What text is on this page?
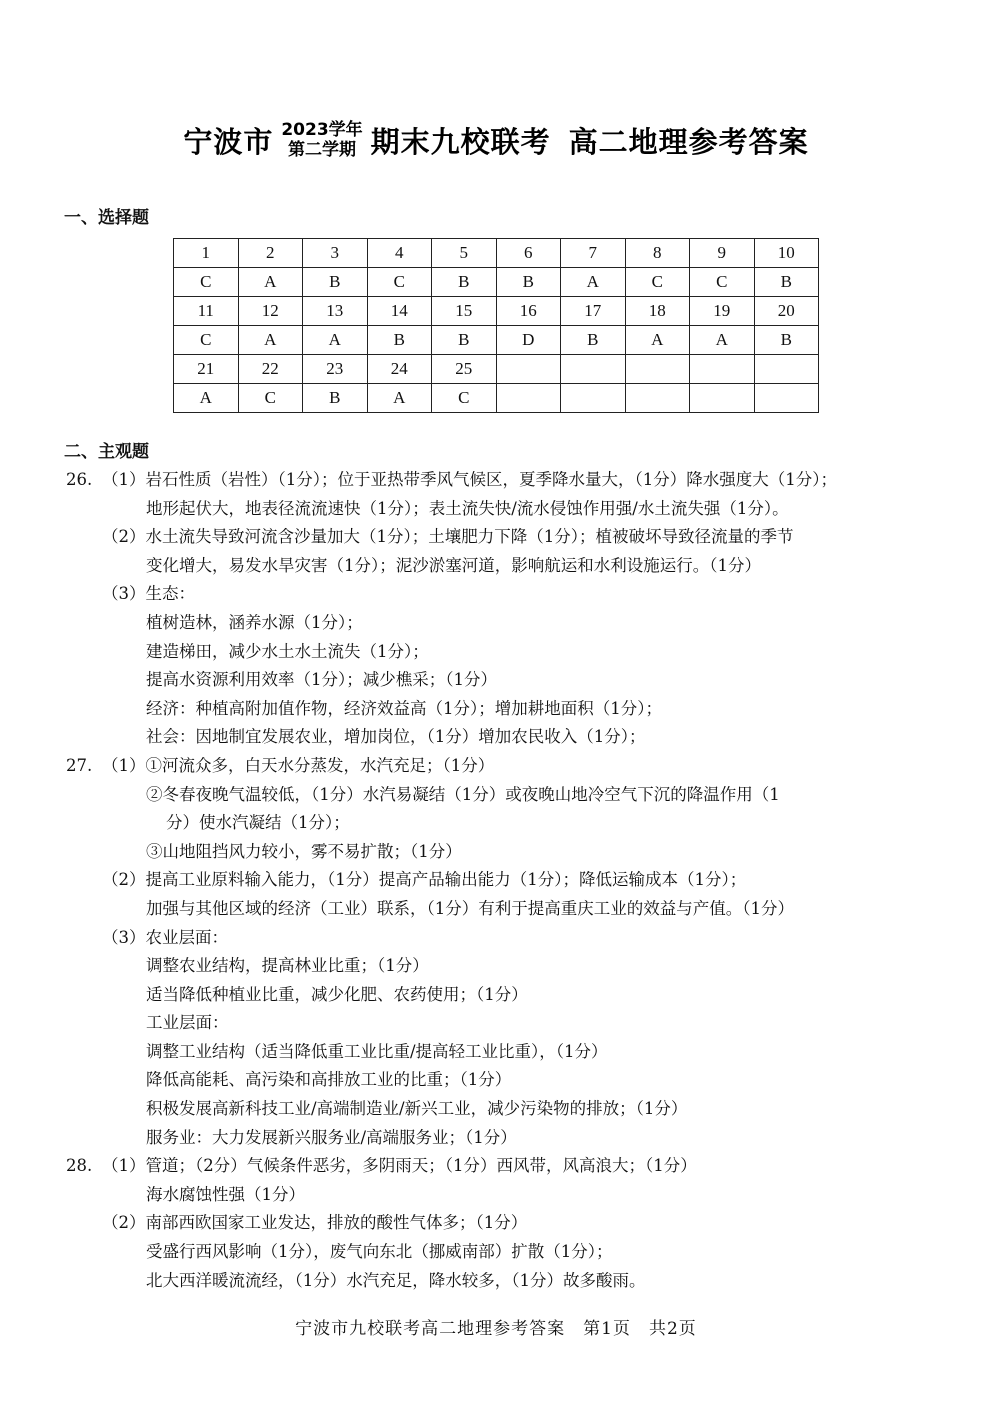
宁波市 2023学年
第二学期 期末九校联考 高二地理参考答案
一、选择题
1	2	3	4	5	6	7	8	9	10
C	A	B	C	B	B	A	C	C	B
11	12	13	14	15	16	17	18	19	20
C	A	A	B	B	D	B	A	A	B
21	22	23	24	25					
A	C	B	A	C					
二、主观题
26. （1）岩石性质（岩性）（1分）；位于亚热带季风气候区，夏季降水量大，（1分）降水强度大（1分）；
地形起伏大，地表径流流速快（1分）；表土流失快/流水侵蚀作用强/水土流失强（1分）。
（2）水土流失导致河流含沙量加大（1分）；土壤肥力下降（1分）；植被破坏导致径流量的季节
变化增大，易发水旱灾害（1分）；泥沙淤塞河道，影响航运和水利设施运行。（1分）
（3）生态：
植树造林，涵养水源（1分）；
建造梯田，减少水土水土流失（1分）；
提高水资源利用效率（1分）；减少樵采；（1分）
经济：种植高附加值作物，经济效益高（1分）；增加耕地面积（1分）；
社会：因地制宜发展农业，增加岗位，（1分）增加农民收入（1分）；
27. （1）①河流众多，白天水分蒸发，水汽充足；（1分）
②冬春夜晚气温较低，（1分）水汽易凝结（1分）或夜晚山地冷空气下沉的降温作用（1
分）使水汽凝结（1分）；
③山地阻挡风力较小，雾不易扩散；（1分）
（2）提高工业原料输入能力，（1分）提高产品输出能力（1分）；降低运输成本（1分）；
加强与其他区域的经济（工业）联系，（1分）有利于提高重庆工业的效益与产值。（1分）
（3）农业层面：
调整农业结构，提高林业比重；（1分）
适当降低种植业比重，减少化肥、农药使用；（1分）
工业层面：
调整工业结构（适当降低重工业比重/提高轻工业比重），（1分）
降低高能耗、高污染和高排放工业的比重；（1分）
积极发展高新科技工业/高端制造业/新兴工业，减少污染物的排放；（1分）
服务业：大力发展新兴服务业/高端服务业；（1分）
28. （1）管道；（2分）气候条件恶劣，多阴雨天；（1分）西风带，风高浪大；（1分）
海水腐蚀性强（1分）
（2）南部西欧国家工业发达，排放的酸性气体多；（1分）
受盛行西风影响（1分），废气向东北（挪威南部）扩散（1分）；
北大西洋暖流流经，（1分）水汽充足，降水较多，（1分）故多酸雨。
宁波市九校联考高二地理参考答案　第1页　共2页
